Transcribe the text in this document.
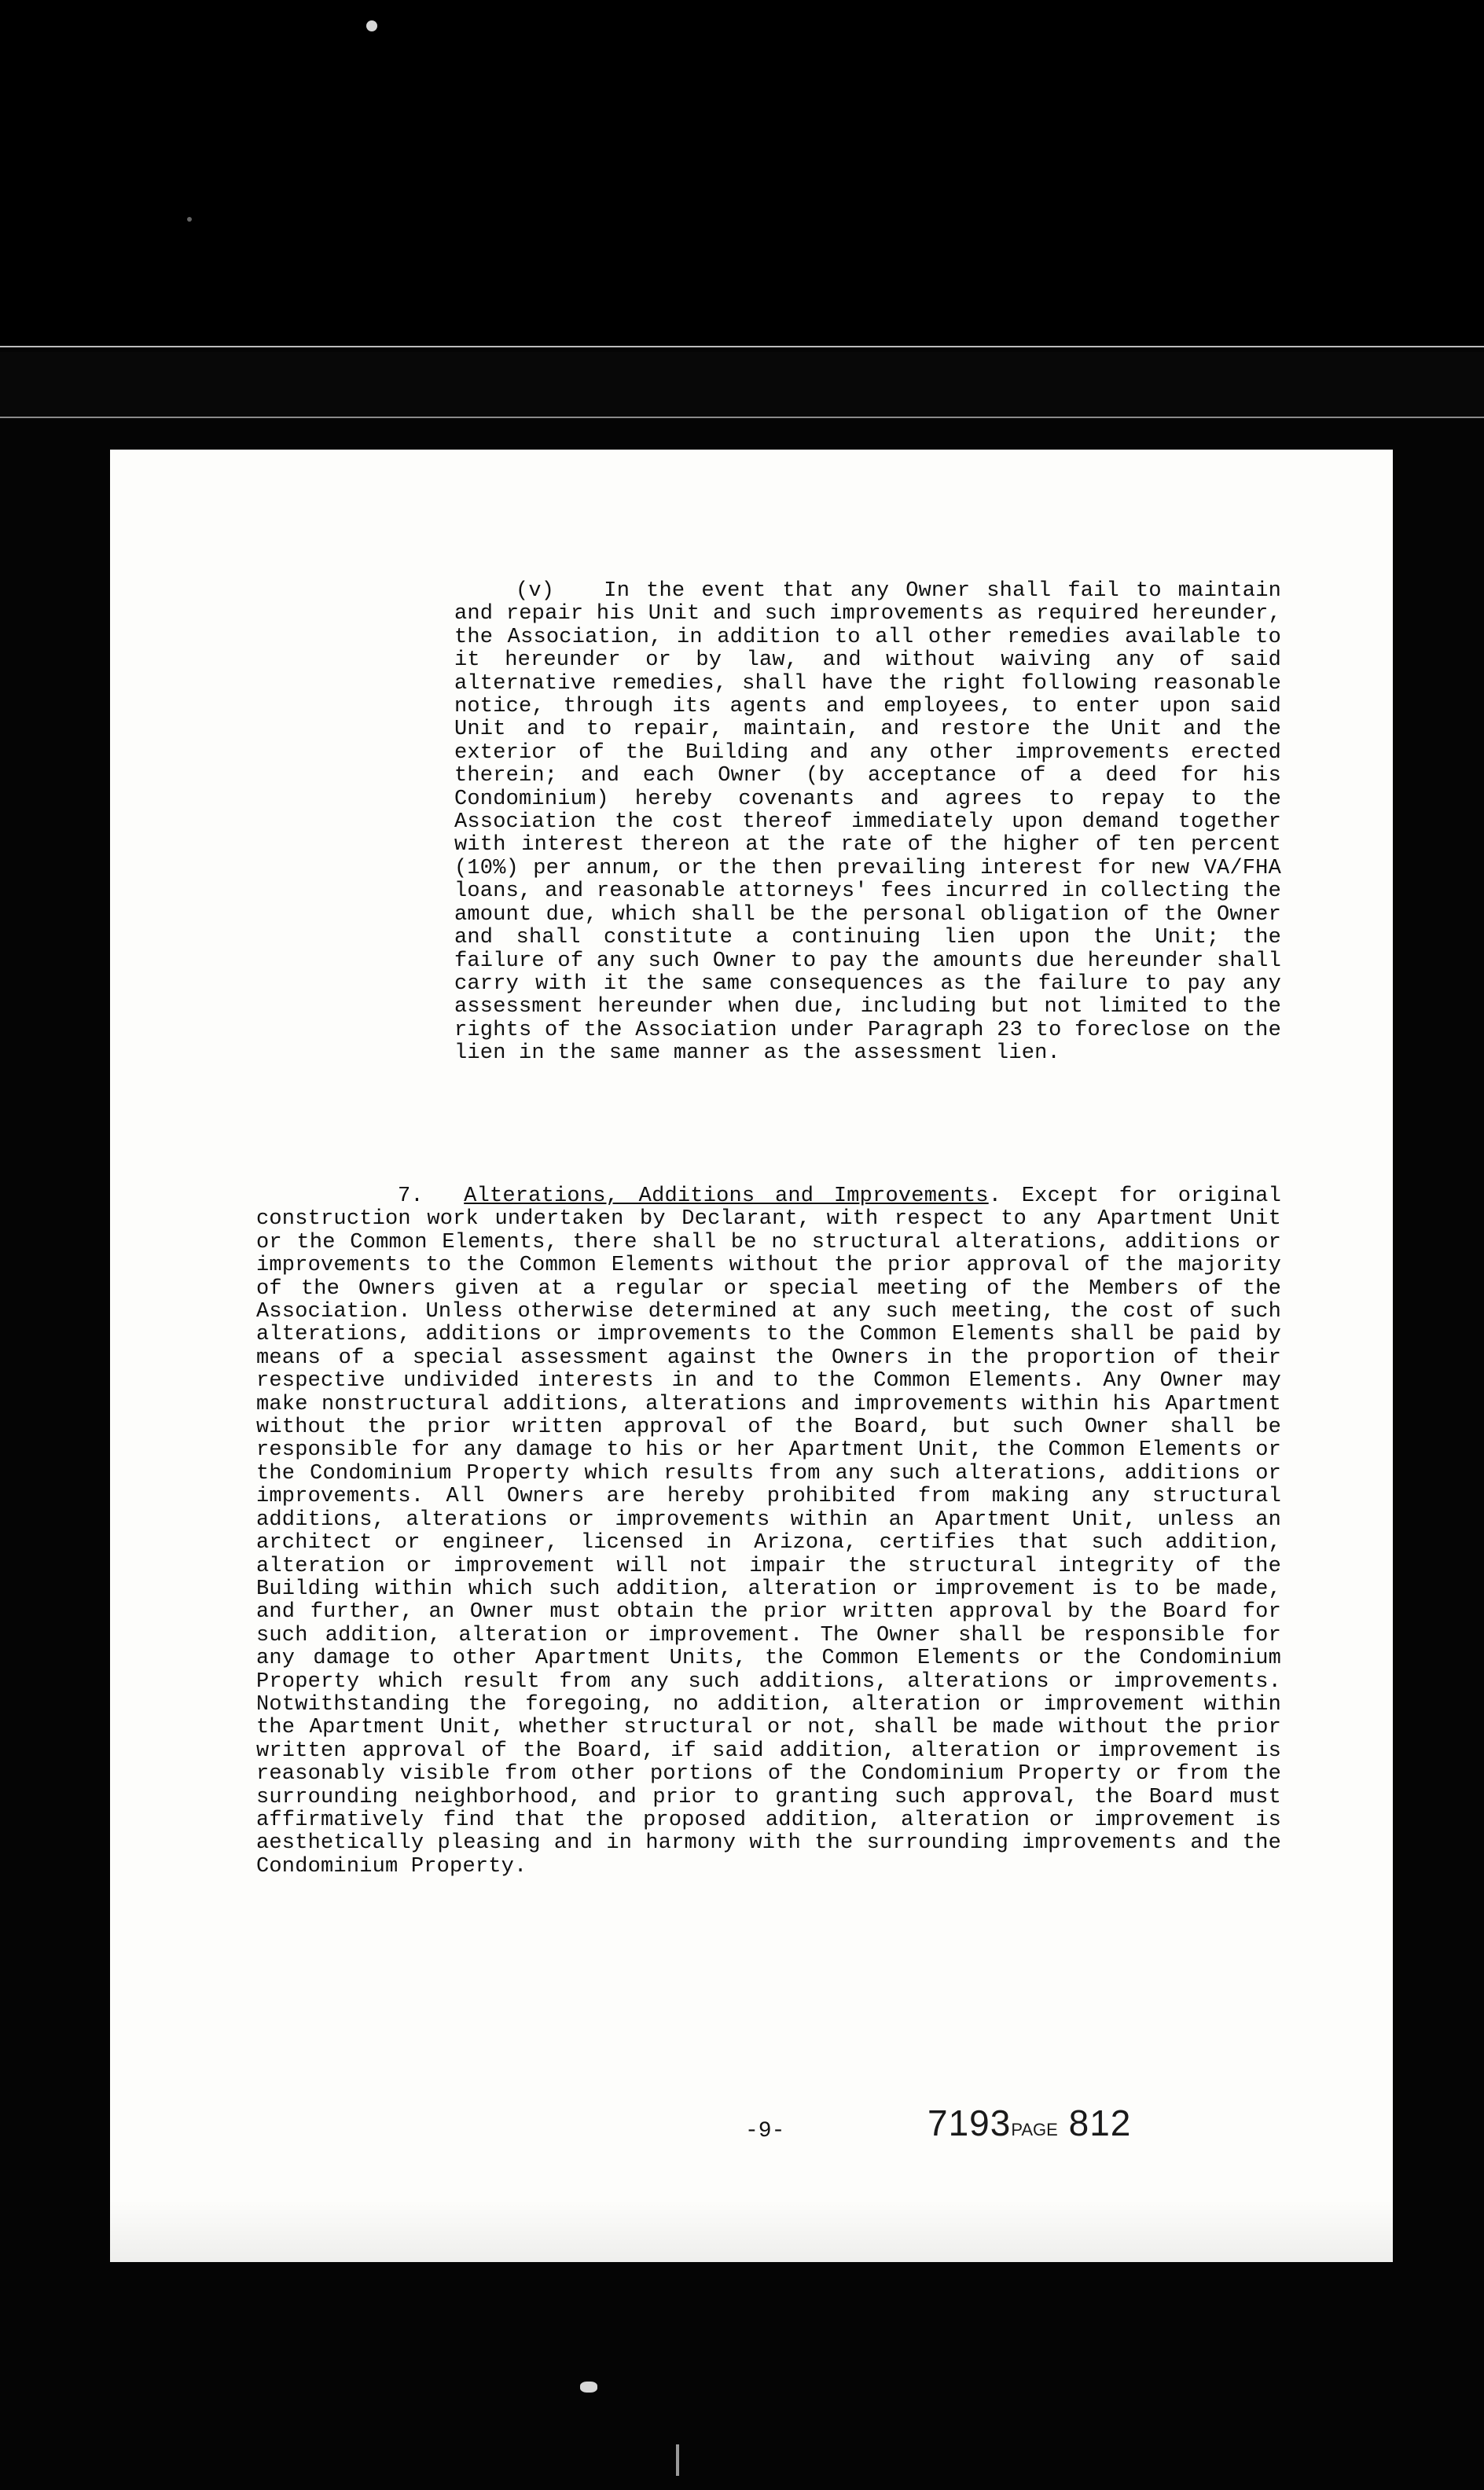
(v) In the event that any Owner shall fail to maintain and repair his Unit and such improvements as required hereunder, the Association, in addition to all other remedies available to it hereunder or by law, and without waiving any of said alternative remedies, shall have the right following reasonable notice, through its agents and employees, to enter upon said Unit and to repair, maintain, and restore the Unit and the exterior of the Building and any other improvements erected therein; and each Owner (by acceptance of a deed for his Condominium) hereby covenants and agrees to repay to the Association the cost thereof immediately upon demand together with interest thereon at the rate of the higher of ten percent (10%) per annum, or the then prevailing interest for new VA/FHA loans, and reasonable attorneys' fees incurred in collecting the amount due, which shall be the personal obligation of the Owner and shall constitute a continuing lien upon the Unit; the failure of any such Owner to pay the amounts due hereunder shall carry with it the same consequences as the failure to pay any assessment hereunder when due, including but not limited to the rights of the Association under Paragraph 23 to foreclose on the lien in the same manner as the assessment lien.
7. Alterations, Additions and Improvements. Except for original construction work undertaken by Declarant, with respect to any Apartment Unit or the Common Elements, there shall be no structural alterations, additions or improvements to the Common Elements without the prior approval of the majority of the Owners given at a regular or special meeting of the Members of the Association. Unless otherwise determined at any such meeting, the cost of such alterations, additions or improvements to the Common Elements shall be paid by means of a special assessment against the Owners in the proportion of their respective undivided interests in and to the Common Elements. Any Owner may make nonstructural additions, alterations and improvements within his Apartment without the prior written approval of the Board, but such Owner shall be responsible for any damage to his or her Apartment Unit, the Common Elements or the Condominium Property which results from any such alterations, additions or improvements. All Owners are hereby prohibited from making any structural additions, alterations or improvements within an Apartment Unit, unless an architect or engineer, licensed in Arizona, certifies that such addition, alteration or improvement will not impair the structural integrity of the Building within which such addition, alteration or improvement is to be made, and further, an Owner must obtain the prior written approval by the Board for such addition, alteration or improvement. The Owner shall be responsible for any damage to other Apartment Units, the Common Elements or the Condominium Property which result from any such additions, alterations or improvements. Notwithstanding the foregoing, no addition, alteration or improvement within the Apartment Unit, whether structural or not, shall be made without the prior written approval of the Board, if said addition, alteration or improvement is reasonably visible from other portions of the Condominium Property or from the surrounding neighborhood, and prior to granting such approval, the Board must affirmatively find that the proposed addition, alteration or improvement is aesthetically pleasing and in harmony with the surrounding improvements and the Condominium Property.
-9-	7193PAGE 812
